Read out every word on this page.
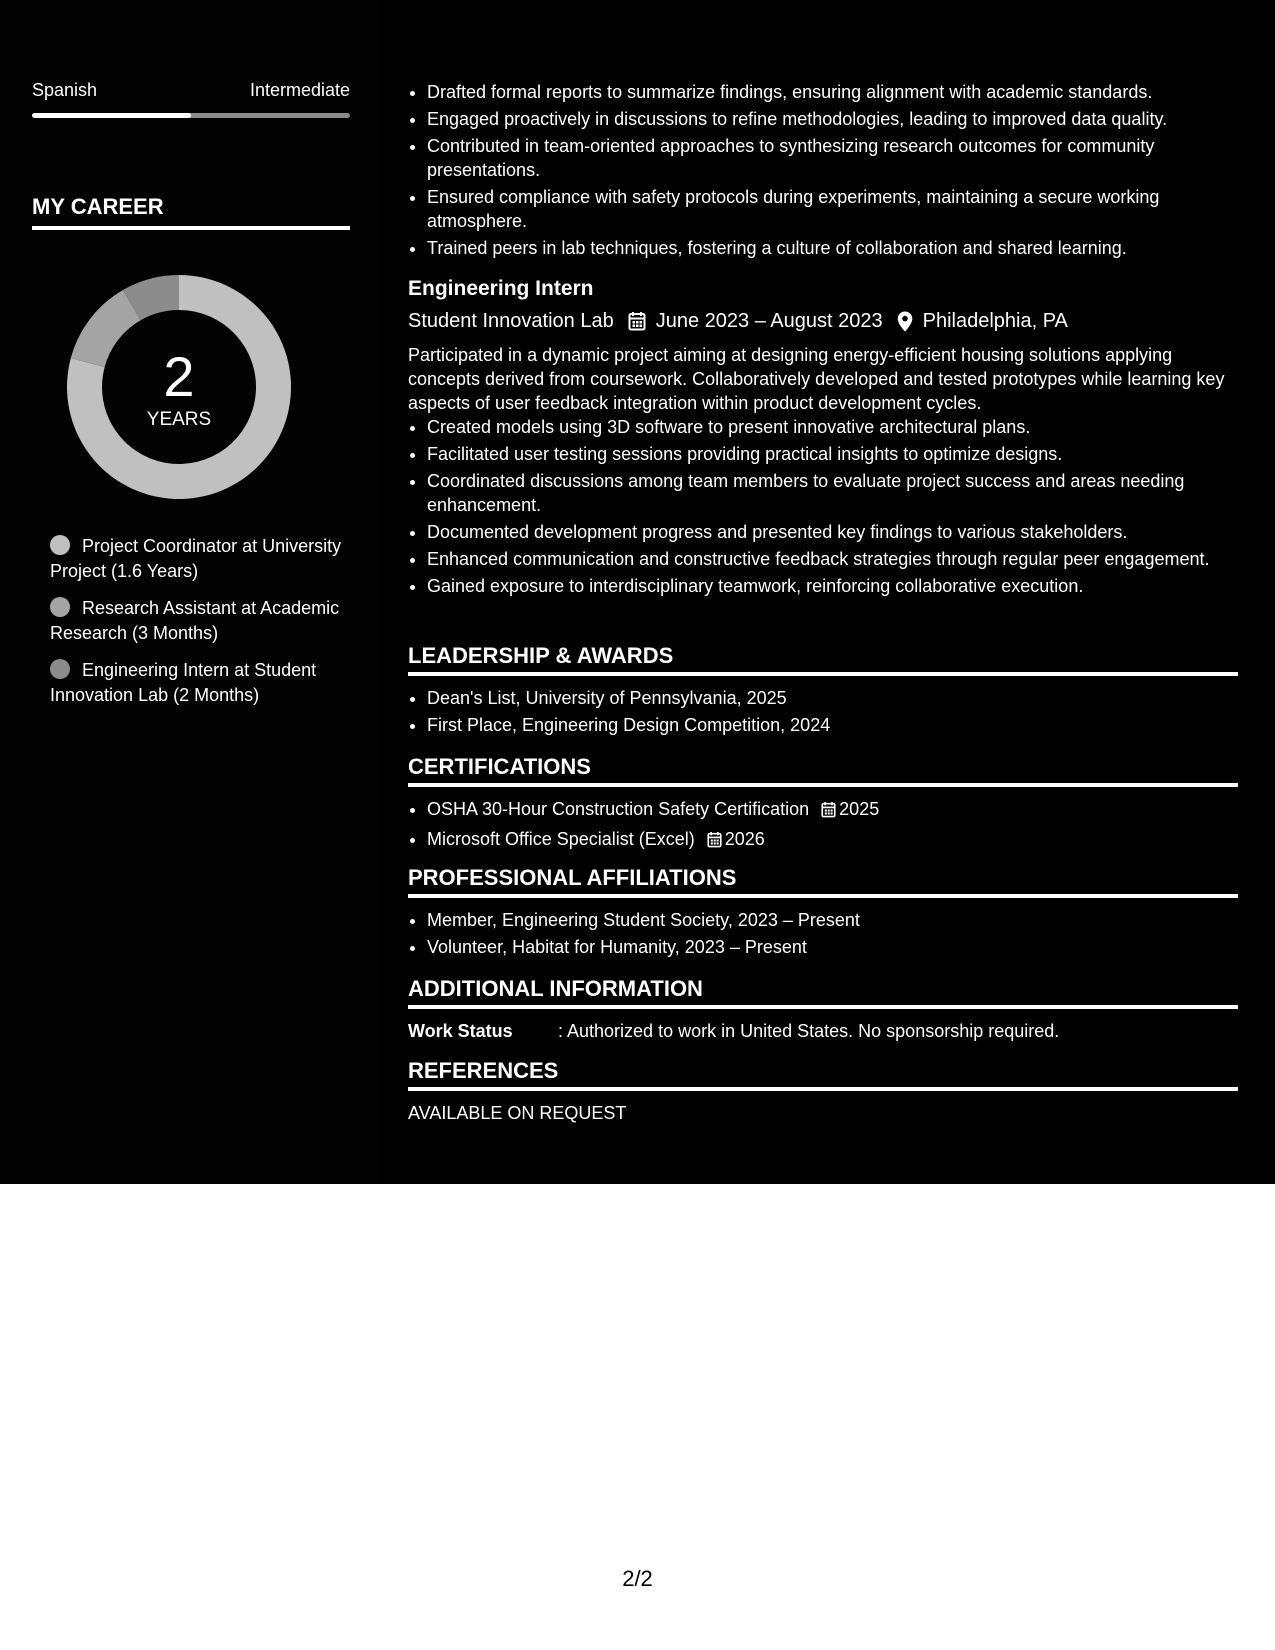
Spanish	Intermediate
MY CAREER
2
YEARS
Project Coordinator at University Project (1.6 Years)
Research Assistant at Academic Research (3 Months)
Engineering Intern at Student Innovation Lab (2 Months)
• Drafted formal reports to summarize findings, ensuring alignment with academic standards.
• Engaged proactively in discussions to refine methodologies, leading to improved data quality.
• Contributed in team-oriented approaches to synthesizing research outcomes for community presentations.
• Ensured compliance with safety protocols during experiments, maintaining a secure working atmosphere.
• Trained peers in lab techniques, fostering a culture of collaboration and shared learning.
Engineering Intern
Student Innovation Lab June 2023 – August 2023 Philadelphia, PA
Participated in a dynamic project aiming at designing energy-efficient housing solutions applying concepts derived from coursework. Collaboratively developed and tested prototypes while learning key aspects of user feedback integration within product development cycles.
• Created models using 3D software to present innovative architectural plans.
• Facilitated user testing sessions providing practical insights to optimize designs.
• Coordinated discussions among team members to evaluate project success and areas needing enhancement.
• Documented development progress and presented key findings to various stakeholders.
• Enhanced communication and constructive feedback strategies through regular peer engagement.
• Gained exposure to interdisciplinary teamwork, reinforcing collaborative execution.
LEADERSHIP & AWARDS
• Dean's List, University of Pennsylvania, 2025
• First Place, Engineering Design Competition, 2024
CERTIFICATIONS
• OSHA 30-Hour Construction Safety Certification 2025
• Microsoft Office Specialist (Excel) 2026
PROFESSIONAL AFFILIATIONS
• Member, Engineering Student Society, 2023 – Present
• Volunteer, Habitat for Humanity, 2023 – Present
ADDITIONAL INFORMATION
Work Status	: Authorized to work in United States. No sponsorship required.
REFERENCES
AVAILABLE ON REQUEST
2/2
